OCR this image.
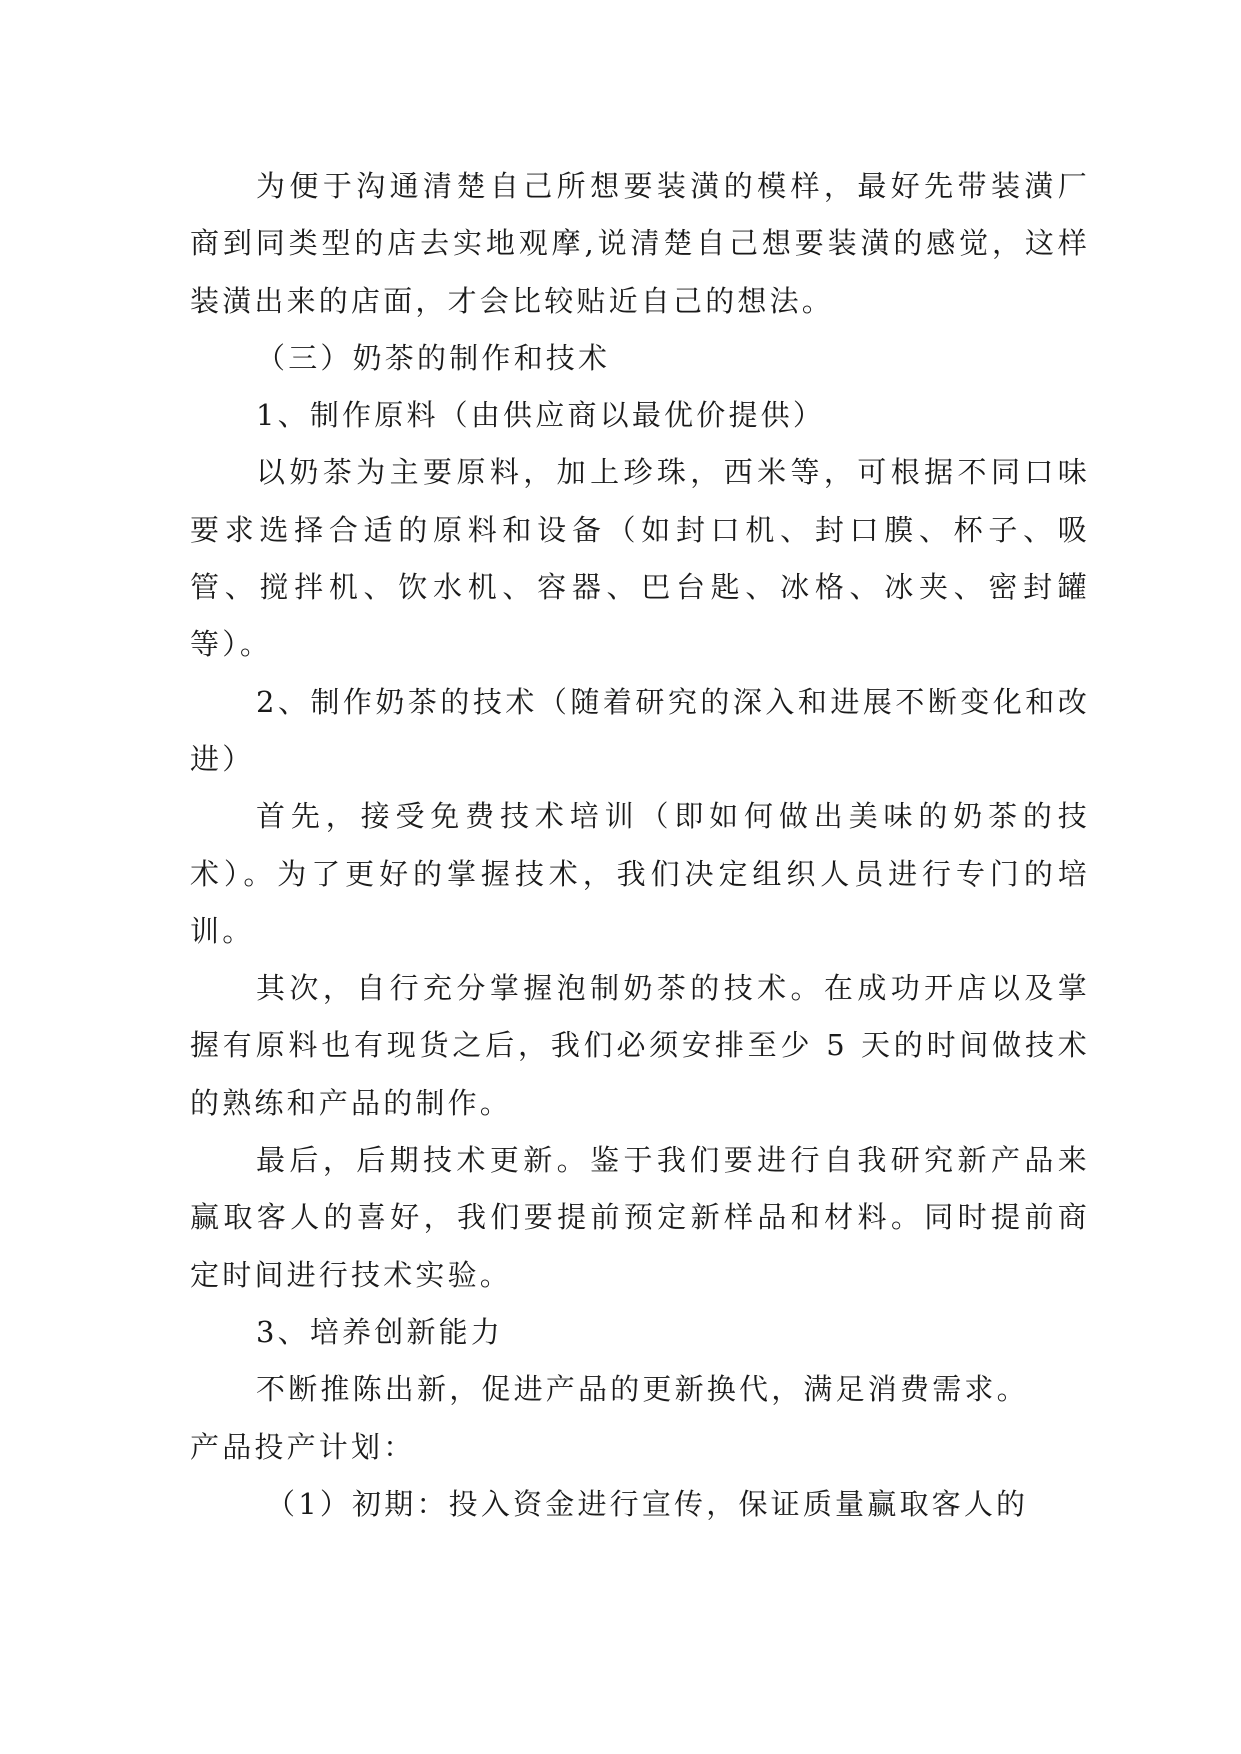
为便于沟通清楚自己所想要装潢的模样，最好先带装潢厂商到同类型的店去实地观摩,说清楚自己想要装潢的感觉，这样装潢出来的店面，才会比较贴近自己的想法。

（三）奶茶的制作和技术

1、制作原料（由供应商以最优价提供）

以奶茶为主要原料，加上珍珠，西米等，可根据不同口味要求选择合适的原料和设备（如封口机、封口膜、杯子、吸管、搅拌机、饮水机、容器、巴台匙、冰格、冰夹、密封罐等）。

2、制作奶茶的技术（随着研究的深入和进展不断变化和改进）

首先，接受免费技术培训（即如何做出美味的奶茶的技术）。为了更好的掌握技术，我们决定组织人员进行专门的培训。

其次，自行充分掌握泡制奶茶的技术。在成功开店以及掌握有原料也有现货之后，我们必须安排至少 5 天的时间做技术的熟练和产品的制作。

最后，后期技术更新。鉴于我们要进行自我研究新产品来赢取客人的喜好，我们要提前预定新样品和材料。同时提前商定时间进行技术实验。

3、培养创新能力

不断推陈出新，促进产品的更新换代，满足消费需求。

产品投产计划：

（1）初期：投入资金进行宣传，保证质量赢取客人的
